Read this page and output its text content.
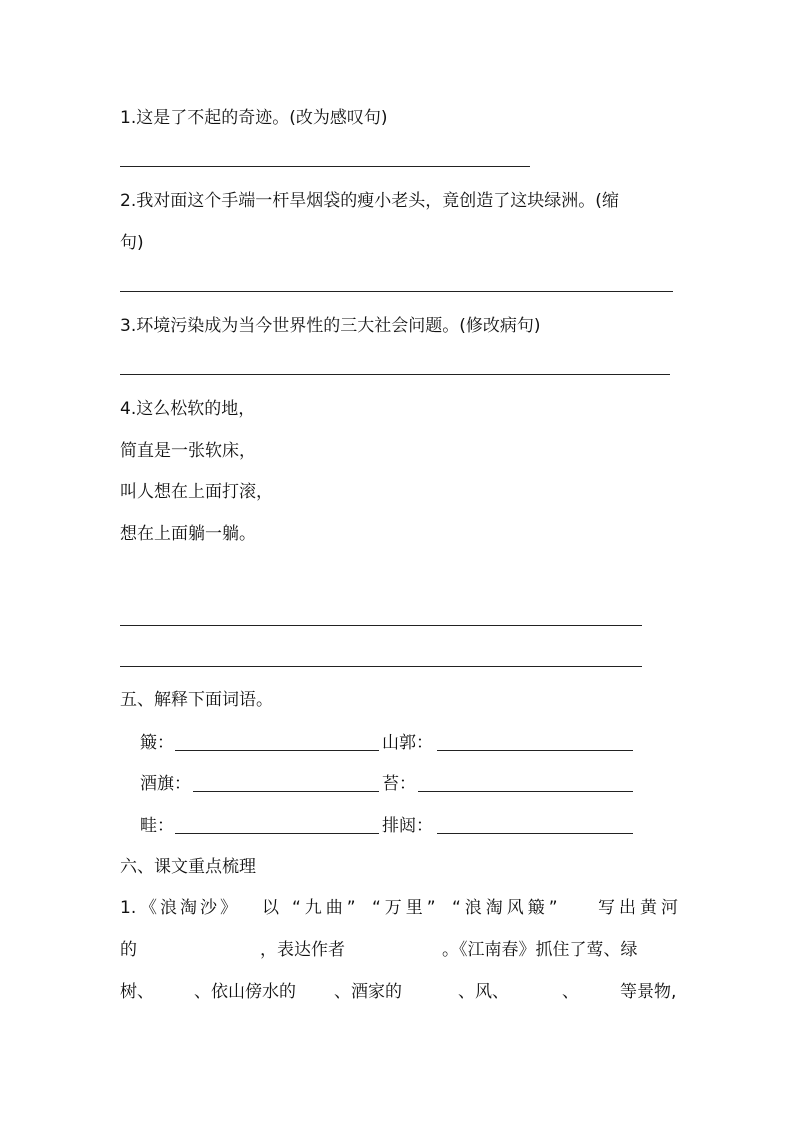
1.这是了不起的奇迹。(改为感叹句)
2.我对面这个手端一杆旱烟袋的瘦小老头，竟创造了这块绿洲。(缩
句)
3.环境污染成为当今世界性的三大社会问题。(修改病句)
4.这么松软的地，
简直是一张软床，
叫人想在上面打滚，
想在上面躺一躺。
五、解释下面词语。
簸：	山郭：
酒旗：	苔：
畦：	排闼：
六、课文重点梳理
1. 《浪淘沙》 以 “九曲” “万里” “浪淘风簸” 写出黄河
的	，表达作者	。《江南春》抓住了莺、绿
树、 、依山傍水的 、酒家的	、风、	、 等景物,
